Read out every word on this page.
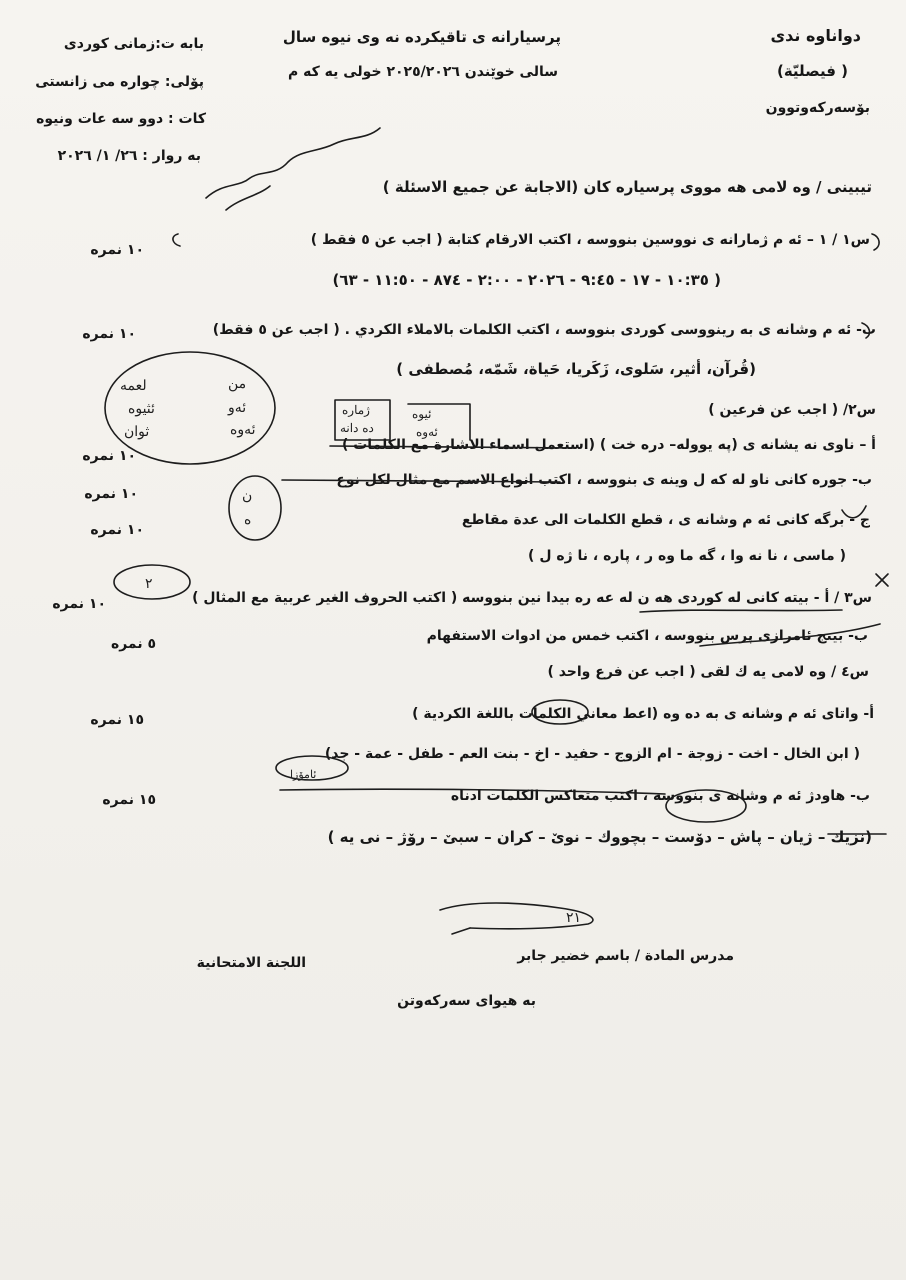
دواناوه ندى
( فيصلیّة)
بۆسەرکەوتوون
پرسيارانه ى تاقيكرده نه وى نيوه سال
سالى خوێندن ٢٠٢٥/٢٠٢٦ خولى يه كه م
بابه ت:زمانى كوردى
پۆلى: چواره مى زانستى
كات : دوو سه عات ونيوه
به روار : ٢٦/ ١/ ٢٠٢٦
تيبينى / وه لامى هه مووى پرسياره كان (الاجابة عن جميع الاسئلة )
س١ / ١ – ئه م ژمارانه ى نووسين بنووسه ، اكتب الارقام كتابة ( اجب عن ٥ فقط )
١٠ نمره
( ١٠:٣٥ - ١٧ - ٩:٤٥ - ٢٠٢٦ - ٢:٠٠ - ٨٧٤ - ١١:٥٠ - ٦٣)
ب- ئه م وشانه ى به رينووسى كوردى بنووسه ، اكتب الكلمات بالاملاء الكردي . ( اجب عن ٥ فقط)
١٠ نمره
(قُرآن، أثير، سَلوى، زَكَريا، حَياة، شَمّه، مُصطفى )
س٢/ ( اجب عن فرعين )
أ – ناوى نه يشانه ى (په يووله– دره خت ) (استعمل اسماء الاشارة مع الكلمات )
١٠ نمره
ب- جوره كانى ناو له كه ل وينه ى بنووسه ، اكتب انواع الاسم مع مثال لكل نوع
١٠ نمره
ج - برگه كانى ئه م وشانه ى ، قطع الكلمات الى عدة مقاطع
١٠ نمره
( ماسى ، نا نه وا ، گه ما وه ر ، پاره ، نا ژه ل )
س٣ / أ - بيته كانى له كوردى هه ن له عه ره بيدا نين بنووسه ( اكتب الحروف الغير عربية مع المثال )
١٠ نمره
ب- بينج ئامرازى پرس بنووسه ، اكتب خمس من ادوات الاستفهام
٥ نمره
س٤ / وه لامى يه ك لقى ( اجب عن فرع واحد )
أ- واتاى ئه م وشانه ى به ده وه (اعط معاني الكلمات باللغة الكردية )
١٥ نمره
( ابن الخال - اخت - زوجة - ام الزوج - حفيد - اخ - بنت العم - طفل - عمة - جد)
ب- هاودژ ئه م وشانه ى بنووسه ، اكتب متعاكس الكلمات ادناه
١٥ نمره
(نزيك – ژيان – پاش – دۆست – بچووك – نوێ – كران – سبێ – رۆژ – نی يه )
مدرس المادة / باسم خضير جابر
اللجنة الامتحانية
به هيواى سەركەوتن
لعمه
ئثيوه
ثوان
من
ئەو
ئەوه
ژماره
ده دانه
ئیوه
ئەوه
ن
ه
٢
ئامۆزا
٢١
